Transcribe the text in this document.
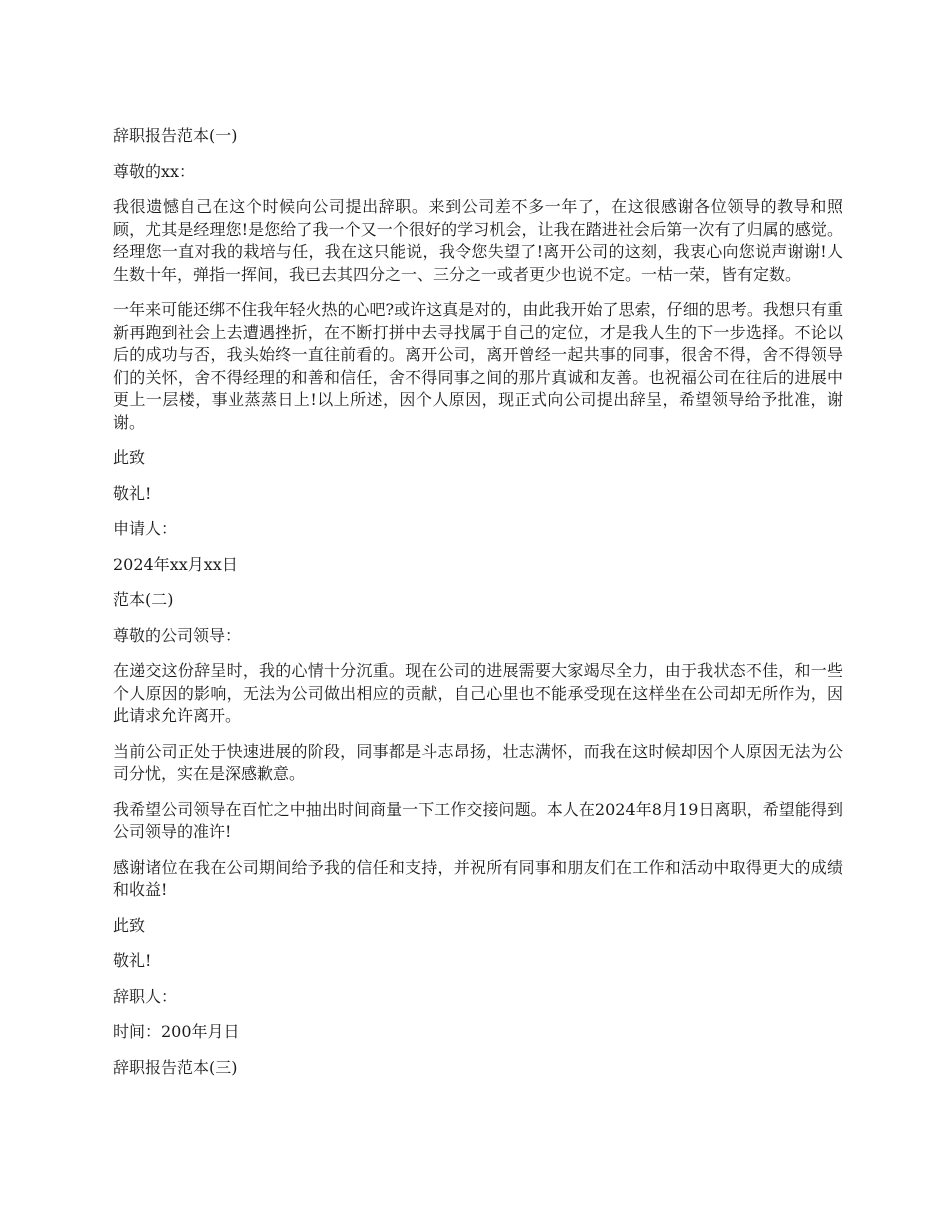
辞职报告范本(一)

尊敬的xx：

我很遗憾自己在这个时候向公司提出辞职。来到公司差不多一年了，在这很感谢各位领导的教导和照顾，尤其是经理您!是您给了我一个又一个很好的学习机会，让我在踏进社会后第一次有了归属的感觉。经理您一直对我的栽培与任，我在这只能说，我令您失望了!离开公司的这刻，我衷心向您说声谢谢!人生数十年，弹指一挥间，我已去其四分之一、三分之一或者更少也说不定。一枯一荣，皆有定数。

一年来可能还绑不住我年轻火热的心吧?或许这真是对的，由此我开始了思索，仔细的思考。我想只有重新再跑到社会上去遭遇挫折，在不断打拼中去寻找属于自己的定位，才是我人生的下一步选择。不论以后的成功与否，我头始终一直往前看的。离开公司，离开曾经一起共事的同事，很舍不得，舍不得领导们的关怀，舍不得经理的和善和信任，舍不得同事之间的那片真诚和友善。也祝福公司在往后的进展中更上一层楼，事业蒸蒸日上!以上所述，因个人原因，现正式向公司提出辞呈，希望领导给予批准，谢谢。

此致

敬礼!

申请人：

2024年xx月xx日

范本(二)

尊敬的公司领导：

在递交这份辞呈时，我的心情十分沉重。现在公司的进展需要大家竭尽全力，由于我状态不佳，和一些个人原因的影响，无法为公司做出相应的贡献，自己心里也不能承受现在这样坐在公司却无所作为，因此请求允许离开。

当前公司正处于快速进展的阶段，同事都是斗志昂扬，壮志满怀，而我在这时候却因个人原因无法为公司分忧，实在是深感歉意。

我希望公司领导在百忙之中抽出时间商量一下工作交接问题。本人在2024年8月19日离职，希望能得到公司领导的准许!

感谢诸位在我在公司期间给予我的信任和支持，并祝所有同事和朋友们在工作和活动中取得更大的成绩和收益!

此致

敬礼!

辞职人：

时间：200年月日

辞职报告范本(三)
